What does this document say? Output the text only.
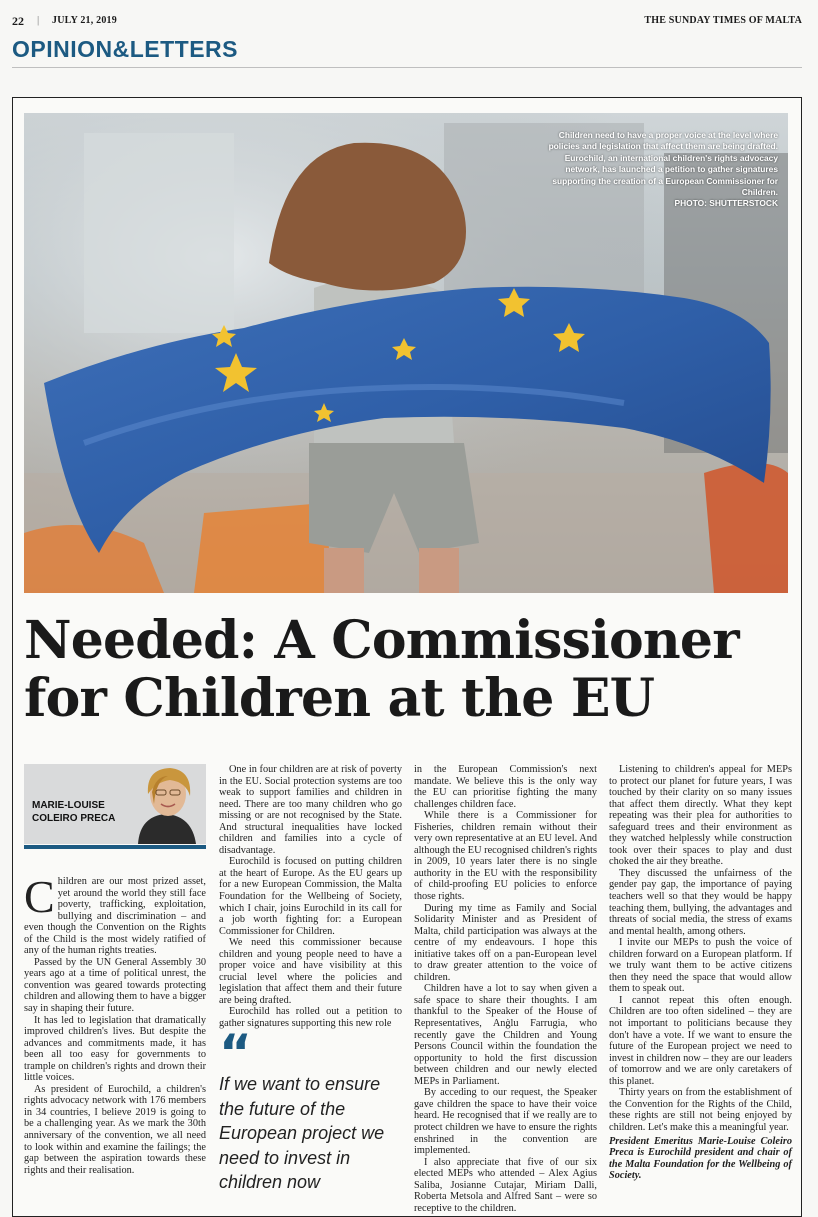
22 | JULY 21, 2019	THE SUNDAY TIMES OF MALTA
OPINION&LETTERS
Children need to have a proper voice at the level where policies and legislation that affect them are being drafted. Eurochild, an international children's rights advocacy network, has launched a petition to gather signatures supporting the creation of a European Commissioner for Children.
PHOTO: SHUTTERSTOCK
Needed: A Commissioner
for Children at the EU
MARIE-LOUISE
COLEIRO PRECA

Children are our most prized asset, yet around the world they still face poverty, trafficking, exploitation, bullying and discrimination – and even though the Convention on the Rights of the Child is the most widely ratified of any of the human rights treaties.

Passed by the UN General Assembly 30 years ago at a time of political unrest, the convention was geared towards protecting children and allowing them to have a bigger say in shaping their future.

It has led to legislation that dramatically improved children's lives. But despite the advances and commitments made, it has been all too easy for governments to trample on children's rights and drown their little voices.

As president of Eurochild, a children's rights advocacy network with 176 members in 34 countries, I believe 2019 is going to be a challenging year. As we mark the 30th anniversary of the convention, we all need to look within and examine the failings; the gap between the aspiration towards these rights and their realisation.

One in four children are at risk of poverty in the EU. Social protection systems are too weak to support families and children in need. There are too many children who go missing or are not recognised by the State. And structural inequalities have locked children and families into a cycle of disadvantage.

Eurochild is focused on putting children at the heart of Europe. As the EU gears up for a new European Commission, the Malta Foundation for the Wellbeing of Society, which I chair, joins Eurochild in its call for a job worth fighting for: a European Commissioner for Children.

We need this commissioner because children and young people need to have a proper voice and have visibility at this crucial level where the policies and legislation that affect them and their future are being drafted.

Eurochild has rolled out a petition to gather signatures supporting this new role

“
If we want to ensure the future of the European project we need to invest in children now

in the European Commission's next mandate. We believe this is the only way the EU can prioritise fighting the many challenges children face.

While there is a Commissioner for Fisheries, children remain without their very own representative at an EU level. And although the EU recognised children's rights in 2009, 10 years later there is no single authority in the EU with the responsibility of child-proofing EU policies to enforce those rights.

During my time as Family and Social Solidarity Minister and as President of Malta, child participation was always at the centre of my endeavours. I hope this initiative takes off on a pan-European level to draw greater attention to the voice of children.

Children have a lot to say when given a safe space to share their thoughts. I am thankful to the Speaker of the House of Representatives, Anġlu Farrugia, who recently gave the Children and Young Persons Council within the foundation the opportunity to hold the first discussion between children and our newly elected MEPs in Parliament.

By acceding to our request, the Speaker gave children the space to have their voice heard. He recognised that if we really are to protect children we have to ensure the rights enshrined in the convention are implemented.

I also appreciate that five of our six elected MEPs who attended – Alex Agius Saliba, Josianne Cutajar, Miriam Dalli, Roberta Metsola and Alfred Sant – were so receptive to the children.

Listening to children's appeal for MEPs to protect our planet for future years, I was touched by their clarity on so many issues that affect them directly. What they kept repeating was their plea for authorities to safeguard trees and their environment as they watched helplessly while construction took over their spaces to play and dust choked the air they breathe.

They discussed the unfairness of the gender pay gap, the importance of paying teachers well so that they would be happy teaching them, bullying, the advantages and threats of social media, the stress of exams and mental health, among others.

I invite our MEPs to push the voice of children forward on a European platform. If we truly want them to be active citizens then they need the space that would allow them to speak out.

I cannot repeat this often enough. Children are too often sidelined – they are not important to politicians because they don't have a vote. If we want to ensure the future of the European project we need to invest in children now – they are our leaders of tomorrow and we are only caretakers of this planet.

Thirty years on from the establishment of the Convention for the Rights of the Child, these rights are still not being enjoyed by children. Let's make this a meaningful year.

President Emeritus Marie-Louise Coleiro Preca is Eurochild president and chair of the Malta Foundation for the Wellbeing of Society.
